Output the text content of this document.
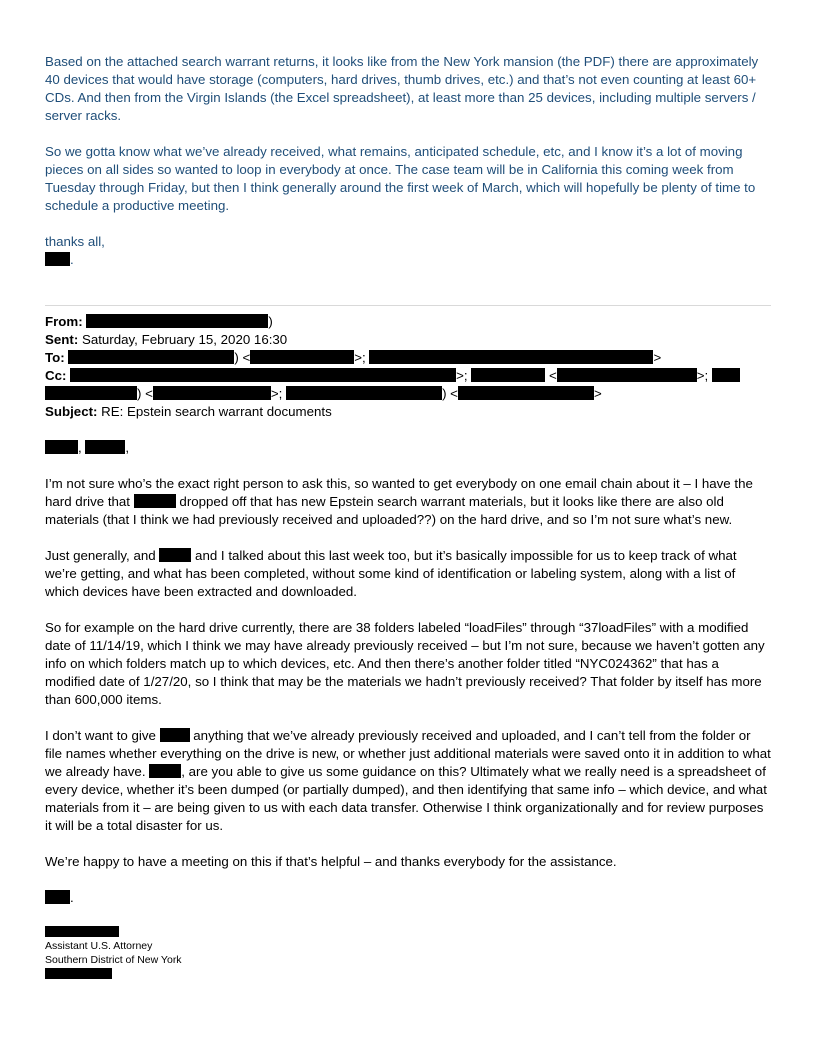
Based on the attached search warrant returns, it looks like from the New York mansion (the PDF) there are approximately 40 devices that would have storage (computers, hard drives, thumb drives, etc.) and that’s not even counting at least 60+ CDs. And then from the Virgin Islands (the Excel spreadsheet), at least more than 25 devices, including multiple servers / server racks.

So we gotta know what we’ve already received, what remains, anticipated schedule, etc, and I know it’s a lot of moving pieces on all sides so wanted to loop in everybody at once. The case team will be in California this coming week from Tuesday through Friday, but then I think generally around the first week of March, which will hopefully be plenty of time to schedule a productive meeting.

thanks all,

.

From:	)

Sent: Saturday, February 15, 2020 16:30

To:	) <	>;	>

Cc:	>;	<	>;

) <	>;	) <	>

Subject: RE: Epstein search warrant documents

,	,

I’m not sure who’s the exact right person to ask this, so wanted to get everybody on one email chain about it – I have the hard drive that	dropped off that has new Epstein search warrant materials, but it looks like there are also old materials (that I think we had previously received and uploaded??) on the hard drive, and so I’m not sure what’s new.

Just generally, and	and I talked about this last week too, but it’s basically impossible for us to keep track of what we’re getting, and what has been completed, without some kind of identification or labeling system, along with a list of which devices have been extracted and downloaded.

So for example on the hard drive currently, there are 38 folders labeled “loadFiles” through “37loadFiles” with a modified date of 11/14/19, which I think we may have already previously received – but I’m not sure, because we haven’t gotten any info on which folders match up to which devices, etc. And then there’s another folder titled “NYC024362” that has a modified date of 1/27/20, so I think that may be the materials we hadn’t previously received? That folder by itself has more than 600,000 items.

I don’t want to give	anything that we’ve already previously received and uploaded, and I can’t tell from the folder or file names whether everything on the drive is new, or whether just additional materials were saved onto it in addition to what we already have.	, are you able to give us some guidance on this? Ultimately what we really need is a spreadsheet of every device, whether it’s been dumped (or partially dumped), and then identifying that same info – which device, and what materials from it – are being given to us with each data transfer. Otherwise I think organizationally and for review purposes it will be a total disaster for us.

We’re happy to have a meeting on this if that’s helpful – and thanks everybody for the assistance.

.

Assistant U.S. Attorney

Southern District of New York
